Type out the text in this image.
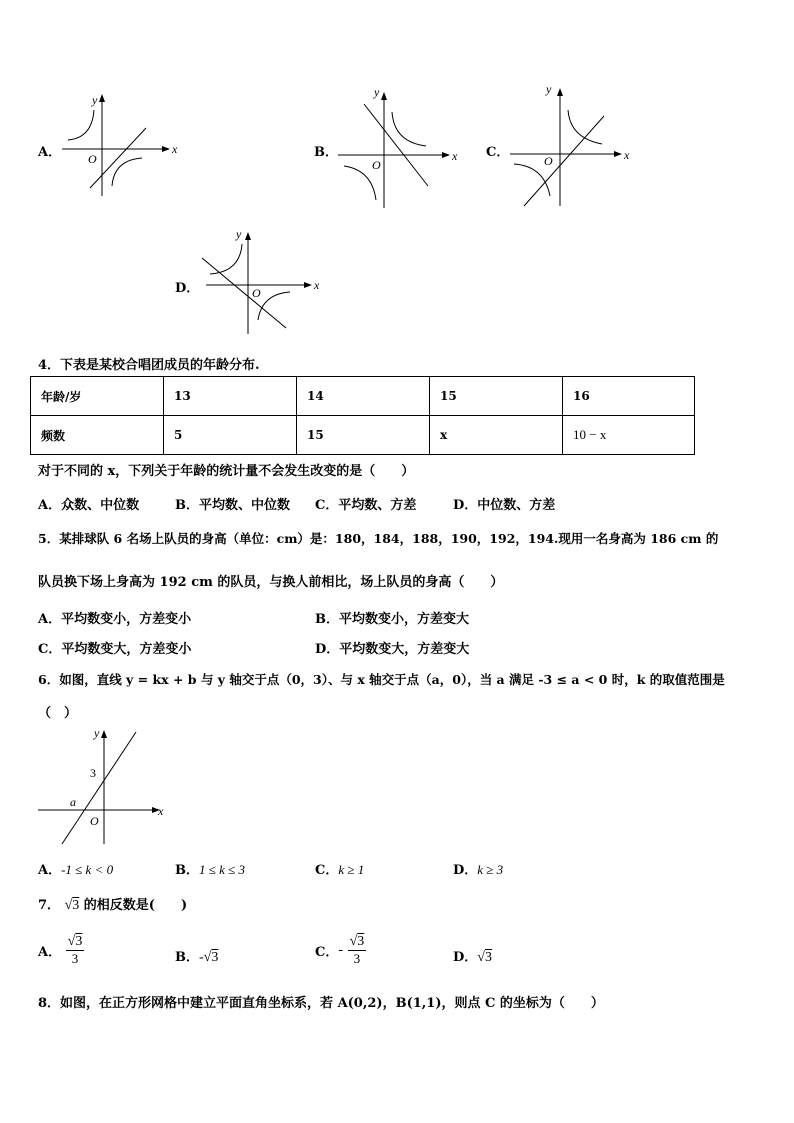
A．	x
y
O	B．	x
y
O
C．	x
y
O
D．	x
y
O
4．下表是某校合唱团成员的年龄分布.
年龄/岁	13	14	15	16
频数	5	15	x	10 − x
对于不同的 x，下列关于年龄的统计量不会发生改变的是（　　）
A．众数、中位数	B．平均数、中位数 C．平均数、方差	D．中位数、方差
5．某排球队 6 名场上队员的身高（单位：cm）是：180，184，188，190，192，194.现用一名身高为 186 cm 的
队员换下场上身高为 192 cm 的队员，与换人前相比，场上队员的身高（　　）
A．平均数变小，方差变小	B．平均数变小，方差变大
C．平均数变大，方差变小	D．平均数变大，方差变大
6．如图，直线 y = kx + b 与 y 轴交于点（0，3）、与 x 轴交于点（a，0），当 a 满足 -3 ≤ a < 0 时，k 的取值范围是
（　）
x
y
O
3
a
A．-1 ≤ k < 0	B．1 ≤ k ≤ 3	C．k ≥ 1	D．k ≥ 3
7． √3 的相反数是(　　)
A． $\frac{√3}{3}$	B．-√3	C．- $\frac{√3}{3}$	D．√3
8．如图，在正方形网格中建立平面直角坐标系，若 A(0,2)，B(1,1)，则点 C 的坐标为（　　）
